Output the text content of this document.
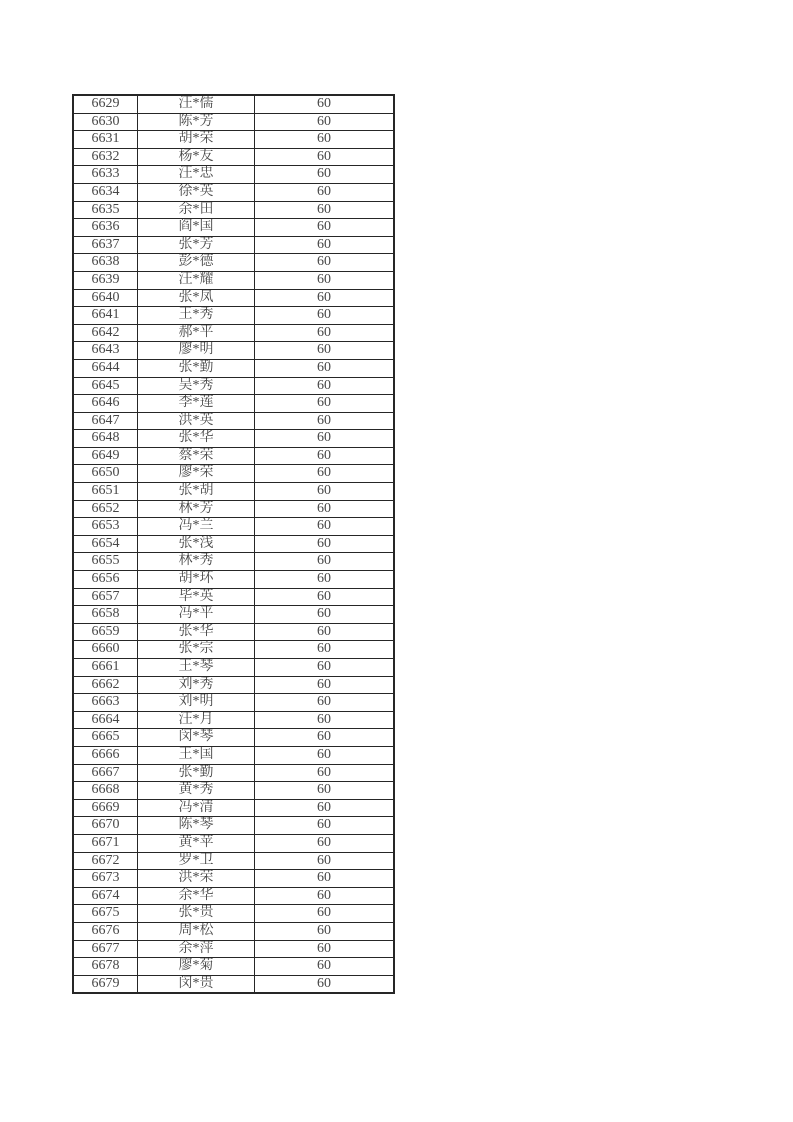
6629	汪*儒	60
6630	陈*芳	60
6631	胡*荣	60
6632	杨*友	60
6633	汪*忠	60
6634	徐*英	60
6635	余*田	60
6636	阎*国	60
6637	张*芳	60
6638	彭*德	60
6639	汪*耀	60
6640	张*凤	60
6641	王*秀	60
6642	郝*平	60
6643	廖*明	60
6644	张*勤	60
6645	吴*秀	60
6646	李*莲	60
6647	洪*英	60
6648	张*华	60
6649	蔡*荣	60
6650	廖*荣	60
6651	张*胡	60
6652	林*芳	60
6653	冯*兰	60
6654	张*浅	60
6655	林*秀	60
6656	胡*环	60
6657	毕*英	60
6658	冯*平	60
6659	张*华	60
6660	张*宗	60
6661	王*琴	60
6662	刘*秀	60
6663	刘*明	60
6664	汪*月	60
6665	闵*琴	60
6666	王*国	60
6667	张*勤	60
6668	黄*秀	60
6669	冯*清	60
6670	陈*琴	60
6671	黄*苹	60
6672	罗*卫	60
6673	洪*荣	60
6674	余*华	60
6675	张*贵	60
6676	周*松	60
6677	余*萍	60
6678	廖*菊	60
6679	闵*贵	60
